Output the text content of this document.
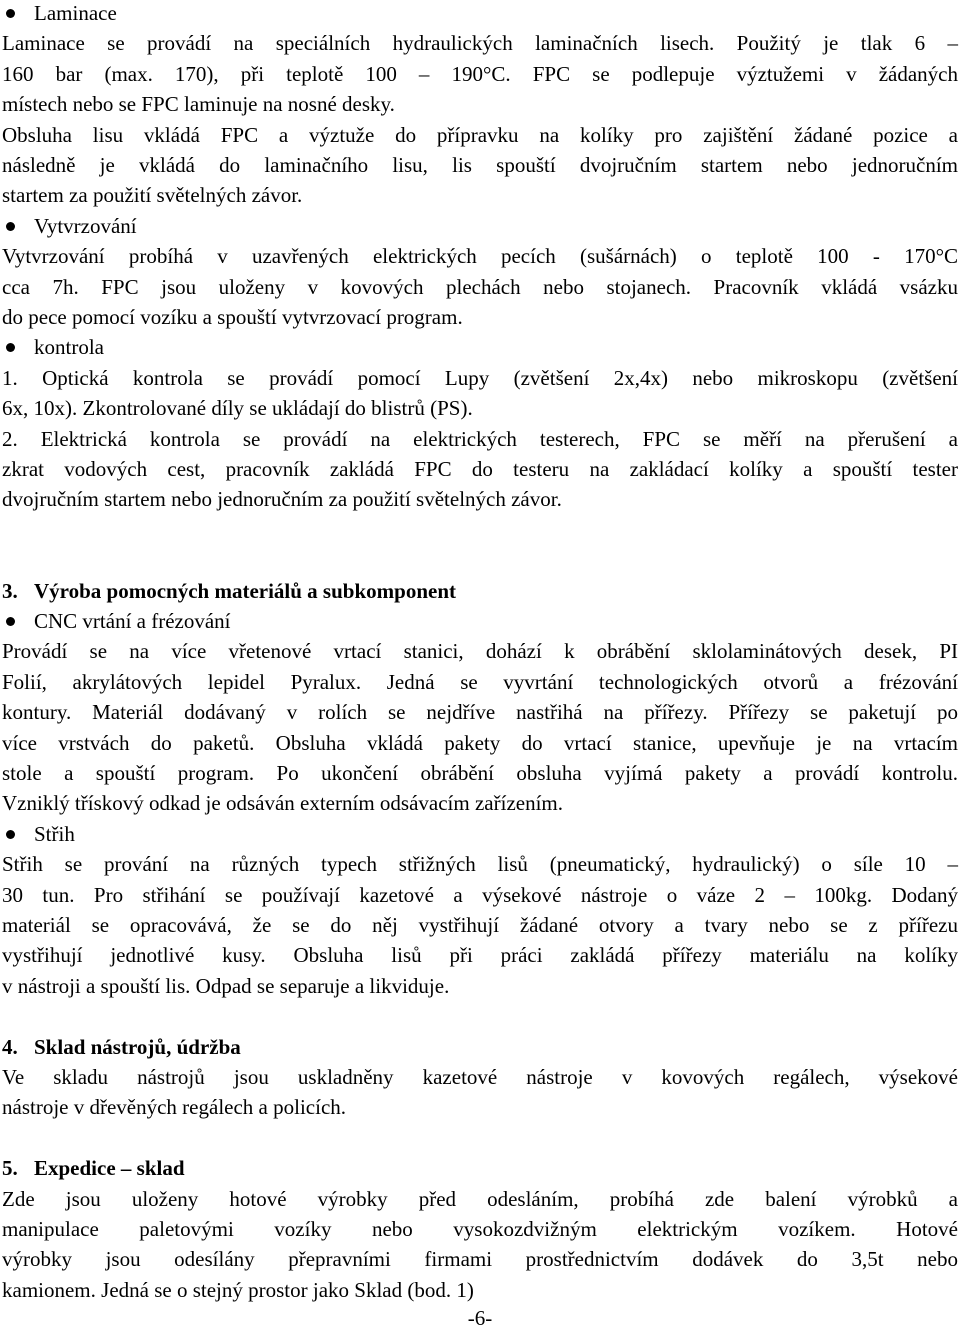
Laminace
Laminace se provádí na speciálních hydraulických laminačních lisech. Použitý je tlak 6 –
160 bar (max. 170), při teplotě 100 – 190°C. FPC se podlepuje výztužemi v žádaných
místech nebo se FPC laminuje na nosné desky.
Obsluha lisu vkládá FPC a výztuže do přípravku na kolíky pro zajištění žádané pozice a
následně je vkládá do laminačního lisu, lis spouští dvojručním startem nebo jednoručním
startem za použití světelných závor.
Vytvrzování
Vytvrzování probíhá v uzavřených elektrických pecích (sušárnách) o teplotě 100 - 170°C
cca 7h. FPC jsou uloženy v kovových plechách nebo stojanech. Pracovník vkládá vsázku
do pece pomocí vozíku a spouští vytvrzovací program.
kontrola
1. Optická kontrola se provádí pomocí Lupy (zvětšení 2x,4x) nebo mikroskopu (zvětšení
6x, 10x). Zkontrolované díly se ukládají do blistrů (PS).
2. Elektrická kontrola se provádí na elektrických testerech, FPC se měří na přerušení a
zkrat vodových cest, pracovník zakládá FPC do testeru na zakládací kolíky a spouští tester
dvojručním startem nebo jednoručním za použití světelných závor.
3. Výroba pomocných materiálů a subkomponent
CNC vrtání a frézování
Provádí se na více vřetenové vrtací stanici, dohází k obrábění sklolaminátových desek, PI
Folií, akrylátových lepidel Pyralux. Jedná se vyvrtání technologických otvorů a frézování
kontury. Materiál dodávaný v rolích se nejdříve nastřihá na přířezy. Přířezy se paketují po
více vrstvách do paketů. Obsluha vkládá pakety do vrtací stanice, upevňuje je na vrtacím
stole a spouští program. Po ukončení obrábění obsluha vyjímá pakety a provádí kontrolu.
Vzniklý třískový odkad je odsáván externím odsávacím zařízením.
Střih
Střih se prování na různých typech střižných lisů (pneumatický, hydraulický) o síle 10 –
30 tun. Pro střihání se používají kazetové a výsekové nástroje o váze 2 – 100kg. Dodaný
materiál se opracovává, že se do něj vystřihují žádané otvory a tvary nebo se z přířezu
vystřihují jednotlivé kusy. Obsluha lisů při práci zakládá přířezy materiálu na kolíky
v nástroji a spouští lis. Odpad se separuje a likviduje.
4. Sklad nástrojů, údržba
Ve skladu nástrojů jsou uskladněny kazetové nástroje v kovových regálech, výsekové
nástroje v dřevěných regálech a policích.
5. Expedice – sklad
Zde jsou uloženy hotové výrobky před odesláním, probíhá zde balení výrobků a
manipulace paletovými vozíky nebo vysokozdvižným elektrickým vozíkem. Hotové
výrobky jsou odesílány přepravními firmami prostřednictvím dodávek do 3,5t nebo
kamionem. Jedná se o stejný prostor jako Sklad (bod. 1)
-6-
